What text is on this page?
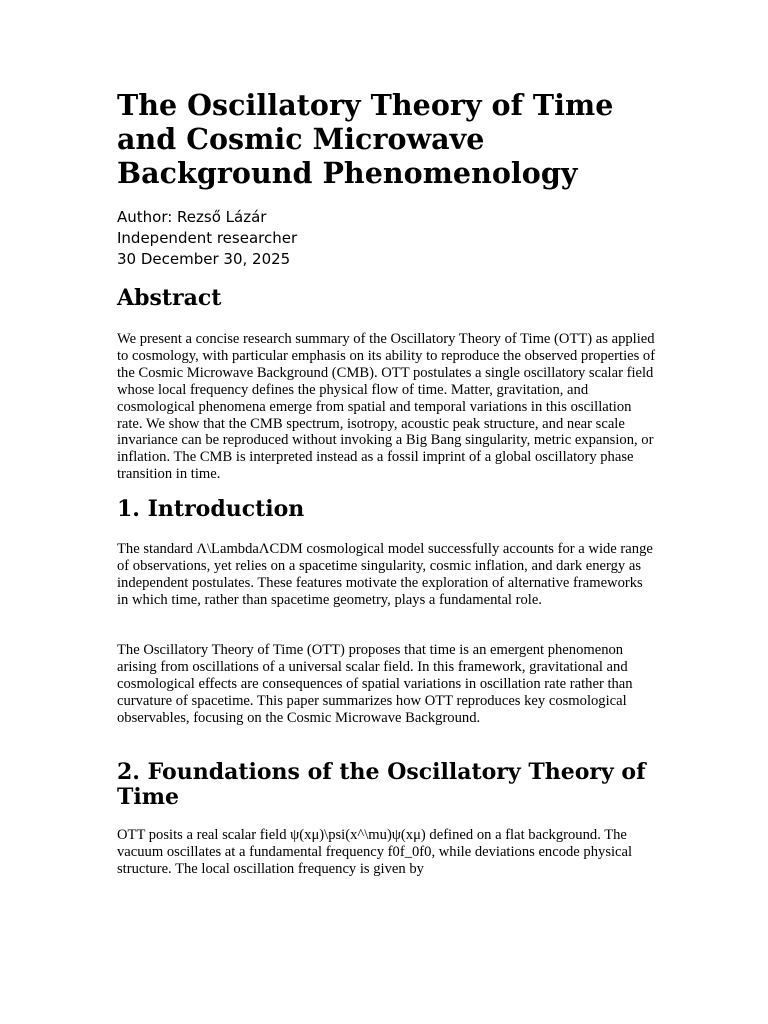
The Oscillatory Theory of Time and Cosmic Microwave Background Phenomenology
Author: Rezső Lázár
Independent researcher
30 December 30, 2025
Abstract

We present a concise research summary of the Oscillatory Theory of Time (OTT) as applied to cosmology, with particular emphasis on its ability to reproduce the observed properties of the Cosmic Microwave Background (CMB). OTT postulates a single oscillatory scalar field whose local frequency defines the physical flow of time. Matter, gravitation, and cosmological phenomena emerge from spatial and temporal variations in this oscillation rate. We show that the CMB spectrum, isotropy, acoustic peak structure, and near scale invariance can be reproduced without invoking a Big Bang singularity, metric expansion, or inflation. The CMB is interpreted instead as a fossil imprint of a global oscillatory phase transition in time.

1. Introduction

The standard Λ\LambdaΛCDM cosmological model successfully accounts for a wide range of observations, yet relies on a spacetime singularity, cosmic inflation, and dark energy as independent postulates. These features motivate the exploration of alternative frameworks in which time, rather than spacetime geometry, plays a fundamental role.

The Oscillatory Theory of Time (OTT) proposes that time is an emergent phenomenon arising from oscillations of a universal scalar field. In this framework, gravitational and cosmological effects are consequences of spatial variations in oscillation rate rather than curvature of spacetime. This paper summarizes how OTT reproduces key cosmological observables, focusing on the Cosmic Microwave Background.

2. Foundations of the Oscillatory Theory of Time

OTT posits a real scalar field ψ(xμ)\psi(x^\mu)ψ(xμ) defined on a flat background. The vacuum oscillates at a fundamental frequency f0f_0f0, while deviations encode physical structure. The local oscillation frequency is given by
